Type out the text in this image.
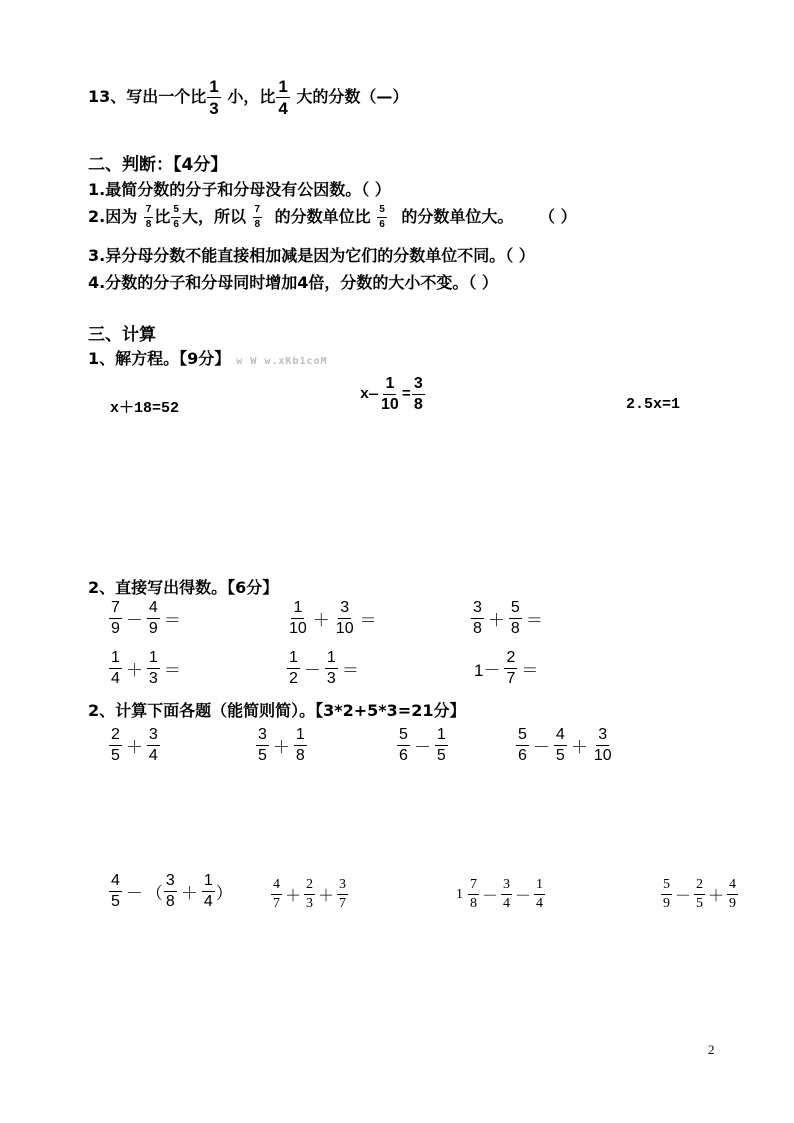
13、写出一个比 $\frac{1}{3}$ 小，比 $\frac{1}{4}$ 大的分数（—）
二、判断：【4分】
1.最简分数的分子和分母没有公因数。（ ）
2.因为 $\frac{7}{8}$ 比 $\frac{5}{6}$ 大，所以 $\frac{7}{8}$ 的分数单位比 $\frac{5}{6}$ 的分数单位大。 （ ）
3.异分母分数不能直接相加减是因为它们的分数单位不同。（ ）
4.分数的分子和分母同时增加4倍，分数的大小不变。（ ）
三、计算
1、解方程。【9分】 w W w.xKb1coM
x＋18=52
x— $\frac{1}{10} = \frac{3}{8}$	2.5x=1
2、直接写出得数。【6分】
$\frac{7}{9} - \frac{4}{9}$ ＝	$\frac{1}{10} + \frac{3}{10}$ ＝	$\frac{3}{8} + \frac{5}{8}$ ＝
$\frac{1}{4} + \frac{1}{3}$ ＝	$\frac{1}{2} - \frac{1}{3}$ ＝	$1- \frac{2}{7}$ ＝
2、计算下面各题（能简则简）。【3*2+5*3=21分】
$\frac{2}{5} + \frac{3}{4}$	$\frac{3}{5} + \frac{1}{8}$	$\frac{5}{6} - \frac{1}{5}$	$\frac{5}{6} - \frac{4}{5} + \frac{3}{10}$
$\frac{4}{5}$ － （ $\frac{3}{8} + \frac{1}{4}$ ）	$\frac{4}{7} + \frac{2}{3} + \frac{3}{7}$	$1 \frac{7}{8} - \frac{3}{4} - \frac{1}{4}$	$\frac{5}{9} - \frac{2}{5} + \frac{4}{9}$
2
